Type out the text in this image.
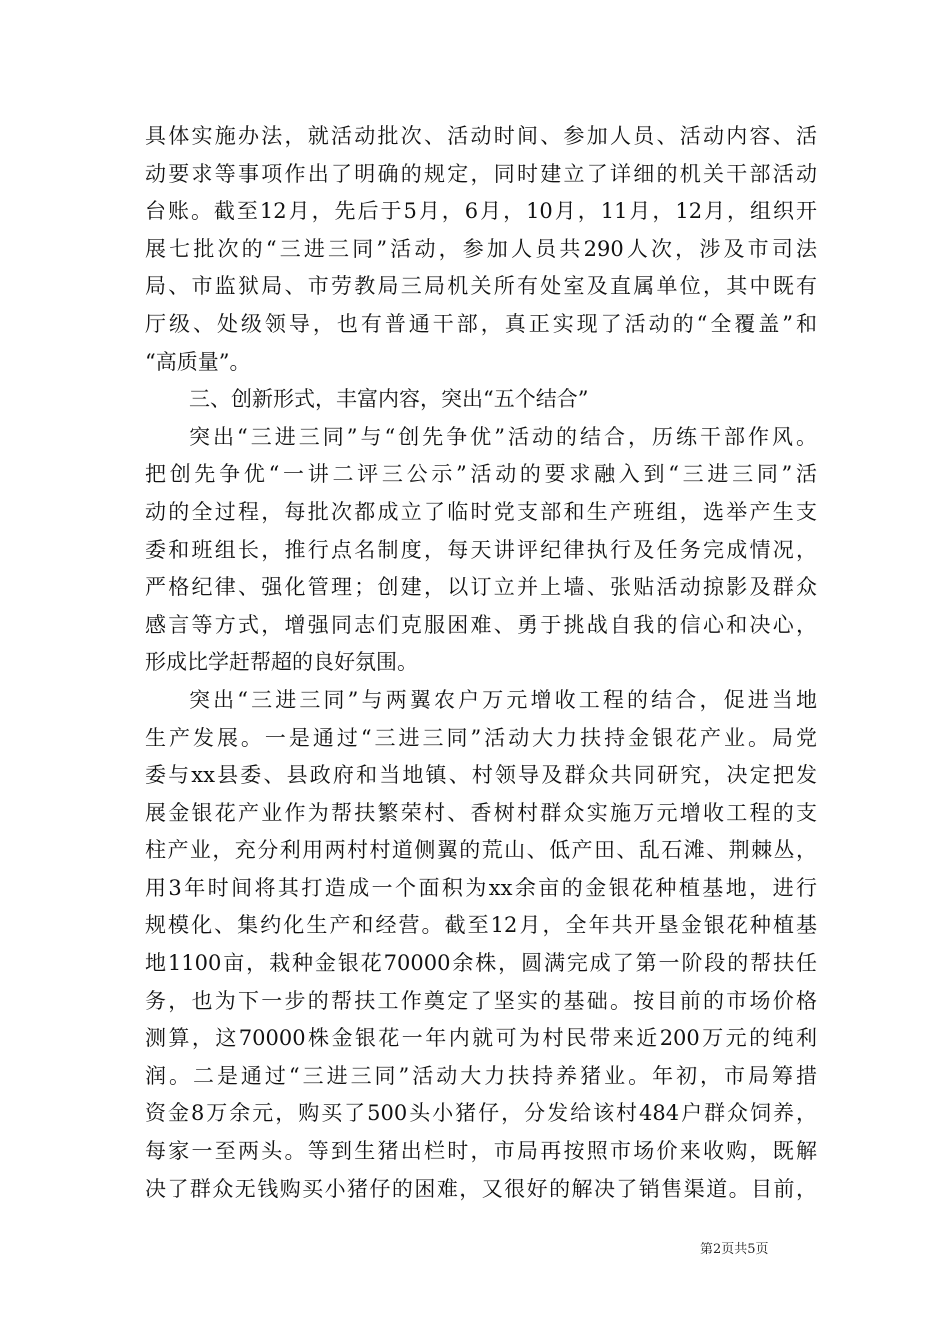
具体实施办法，就活动批次、活动时间、参加人员、活动内容、活
动要求等事项作出了明确的规定，同时建立了详细的机关干部活动
台账。截至12月，先后于5月，6月，10月，11月，12月，组织开
展七批次的“三进三同”活动，参加人员共290人次，涉及市司法
局、市监狱局、市劳教局三局机关所有处室及直属单位，其中既有
厅级、处级领导，也有普通干部，真正实现了活动的“全覆盖”和
“高质量”。
三、创新形式，丰富内容，突出“五个结合”
突出“三进三同”与“创先争优”活动的结合，历练干部作风。
把创先争优“一讲二评三公示”活动的要求融入到“三进三同”活
动的全过程，每批次都成立了临时党支部和生产班组，选举产生支
委和班组长，推行点名制度，每天讲评纪律执行及任务完成情况，
严格纪律、强化管理；创建，以订立并上墙、张贴活动掠影及群众
感言等方式，增强同志们克服困难、勇于挑战自我的信心和决心，
形成比学赶帮超的良好氛围。
突出“三进三同”与两翼农户万元增收工程的结合，促进当地
生产发展。一是通过“三进三同”活动大力扶持金银花产业。局党
委与xx县委、县政府和当地镇、村领导及群众共同研究，决定把发
展金银花产业作为帮扶繁荣村、香树村群众实施万元增收工程的支
柱产业，充分利用两村村道侧翼的荒山、低产田、乱石滩、荆棘丛，
用3年时间将其打造成一个面积为xx余亩的金银花种植基地，进行
规模化、集约化生产和经营。截至12月，全年共开垦金银花种植基
地1100亩，栽种金银花70000余株，圆满完成了第一阶段的帮扶任
务，也为下一步的帮扶工作奠定了坚实的基础。按目前的市场价格
测算，这70000株金银花一年内就可为村民带来近200万元的纯利
润。二是通过“三进三同”活动大力扶持养猪业。年初，市局筹措
资金8万余元，购买了500头小猪仔，分发给该村484户群众饲养，
每家一至两头。等到生猪出栏时，市局再按照市场价来收购，既解
决了群众无钱购买小猪仔的困难，又很好的解决了销售渠道。目前，
第2页共5页
